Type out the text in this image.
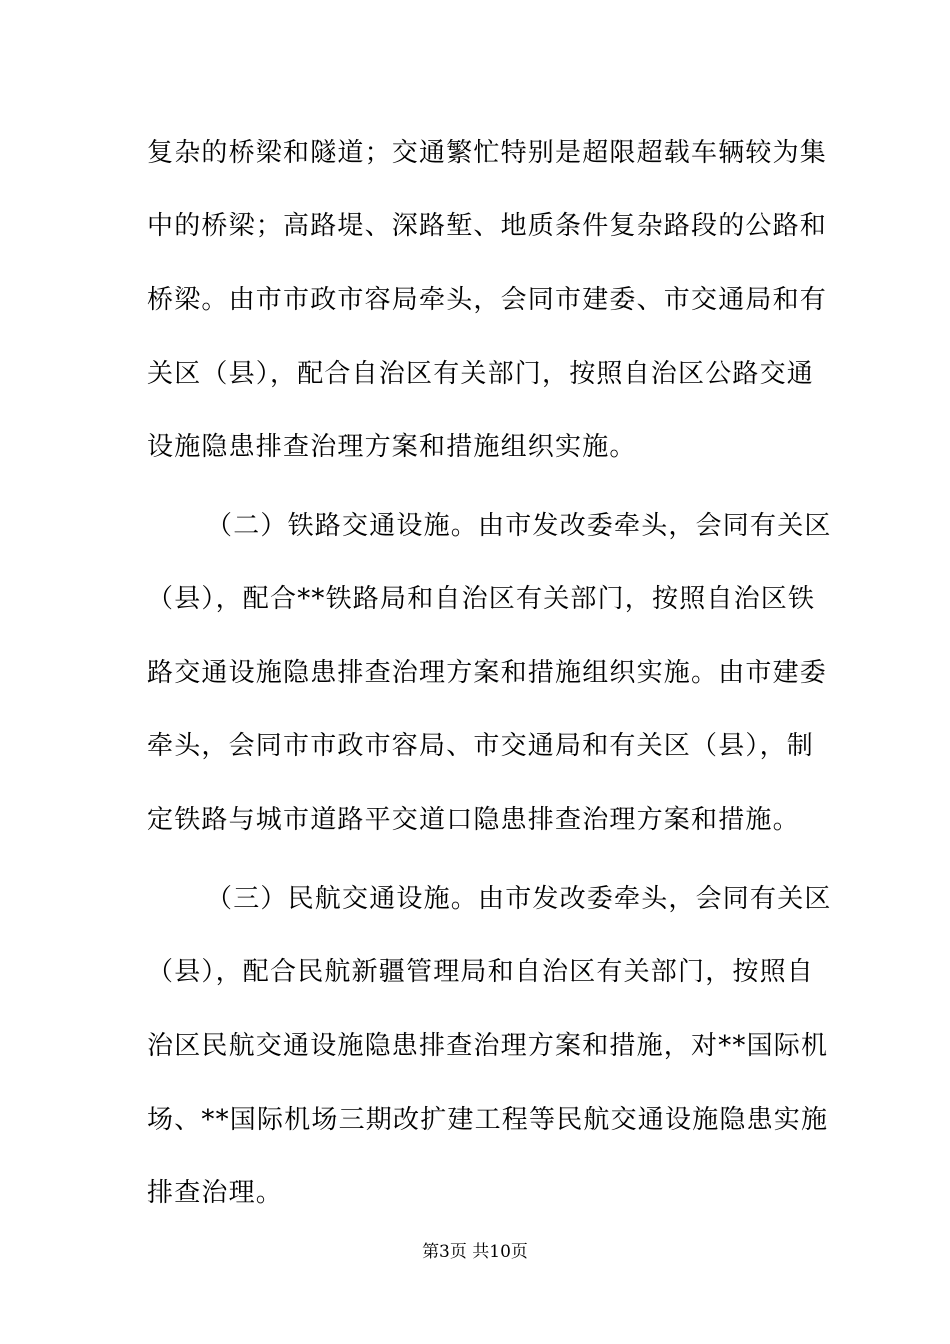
复杂的桥梁和隧道；交通繁忙特别是超限超载车辆较为集
中的桥梁；高路堤、深路堑、地质条件复杂路段的公路和
桥梁。由市市政市容局牵头，会同市建委、市交通局和有
关区（县），配合自治区有关部门，按照自治区公路交通
设施隐患排查治理方案和措施组织实施。
（二）铁路交通设施。由市发改委牵头，会同有关区
（县），配合**铁路局和自治区有关部门，按照自治区铁
路交通设施隐患排查治理方案和措施组织实施。由市建委
牵头，会同市市政市容局、市交通局和有关区（县），制
定铁路与城市道路平交道口隐患排查治理方案和措施。
（三）民航交通设施。由市发改委牵头，会同有关区
（县），配合民航新疆管理局和自治区有关部门，按照自
治区民航交通设施隐患排查治理方案和措施，对**国际机
场、**国际机场三期改扩建工程等民航交通设施隐患实施
排查治理。
第3页 共10页
